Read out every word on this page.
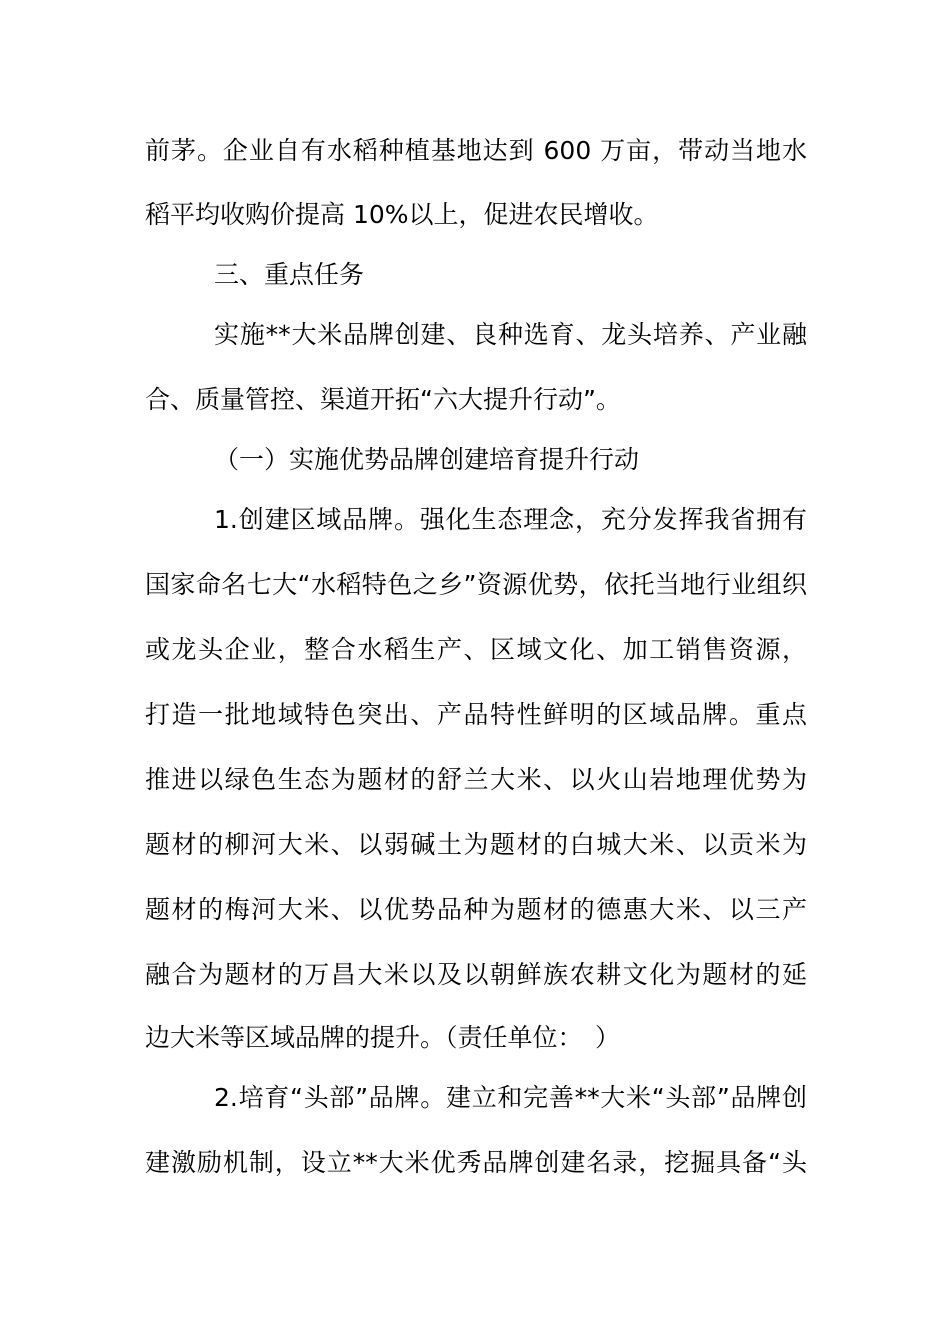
前茅。企业自有水稻种植基地达到 600 万亩，带动当地水
稻平均收购价提高 10%以上，促进农民增收。
三、重点任务
实施**大米品牌创建、良种选育、龙头培养、产业融
合、质量管控、渠道开拓“六大提升行动”。
（一）实施优势品牌创建培育提升行动
1.创建区域品牌。强化生态理念，充分发挥我省拥有
国家命名七大“水稻特色之乡”资源优势，依托当地行业组织
或龙头企业，整合水稻生产、区域文化、加工销售资源，
打造一批地域特色突出、产品特性鲜明的区域品牌。重点
推进以绿色生态为题材的舒兰大米、以火山岩地理优势为
题材的柳河大米、以弱碱土为题材的白城大米、以贡米为
题材的梅河大米、以优势品种为题材的德惠大米、以三产
融合为题材的万昌大米以及以朝鲜族农耕文化为题材的延
边大米等区域品牌的提升。（责任单位：　）
2.培育“头部”品牌。建立和完善**大米“头部”品牌创
建激励机制，设立**大米优秀品牌创建名录，挖掘具备“头
